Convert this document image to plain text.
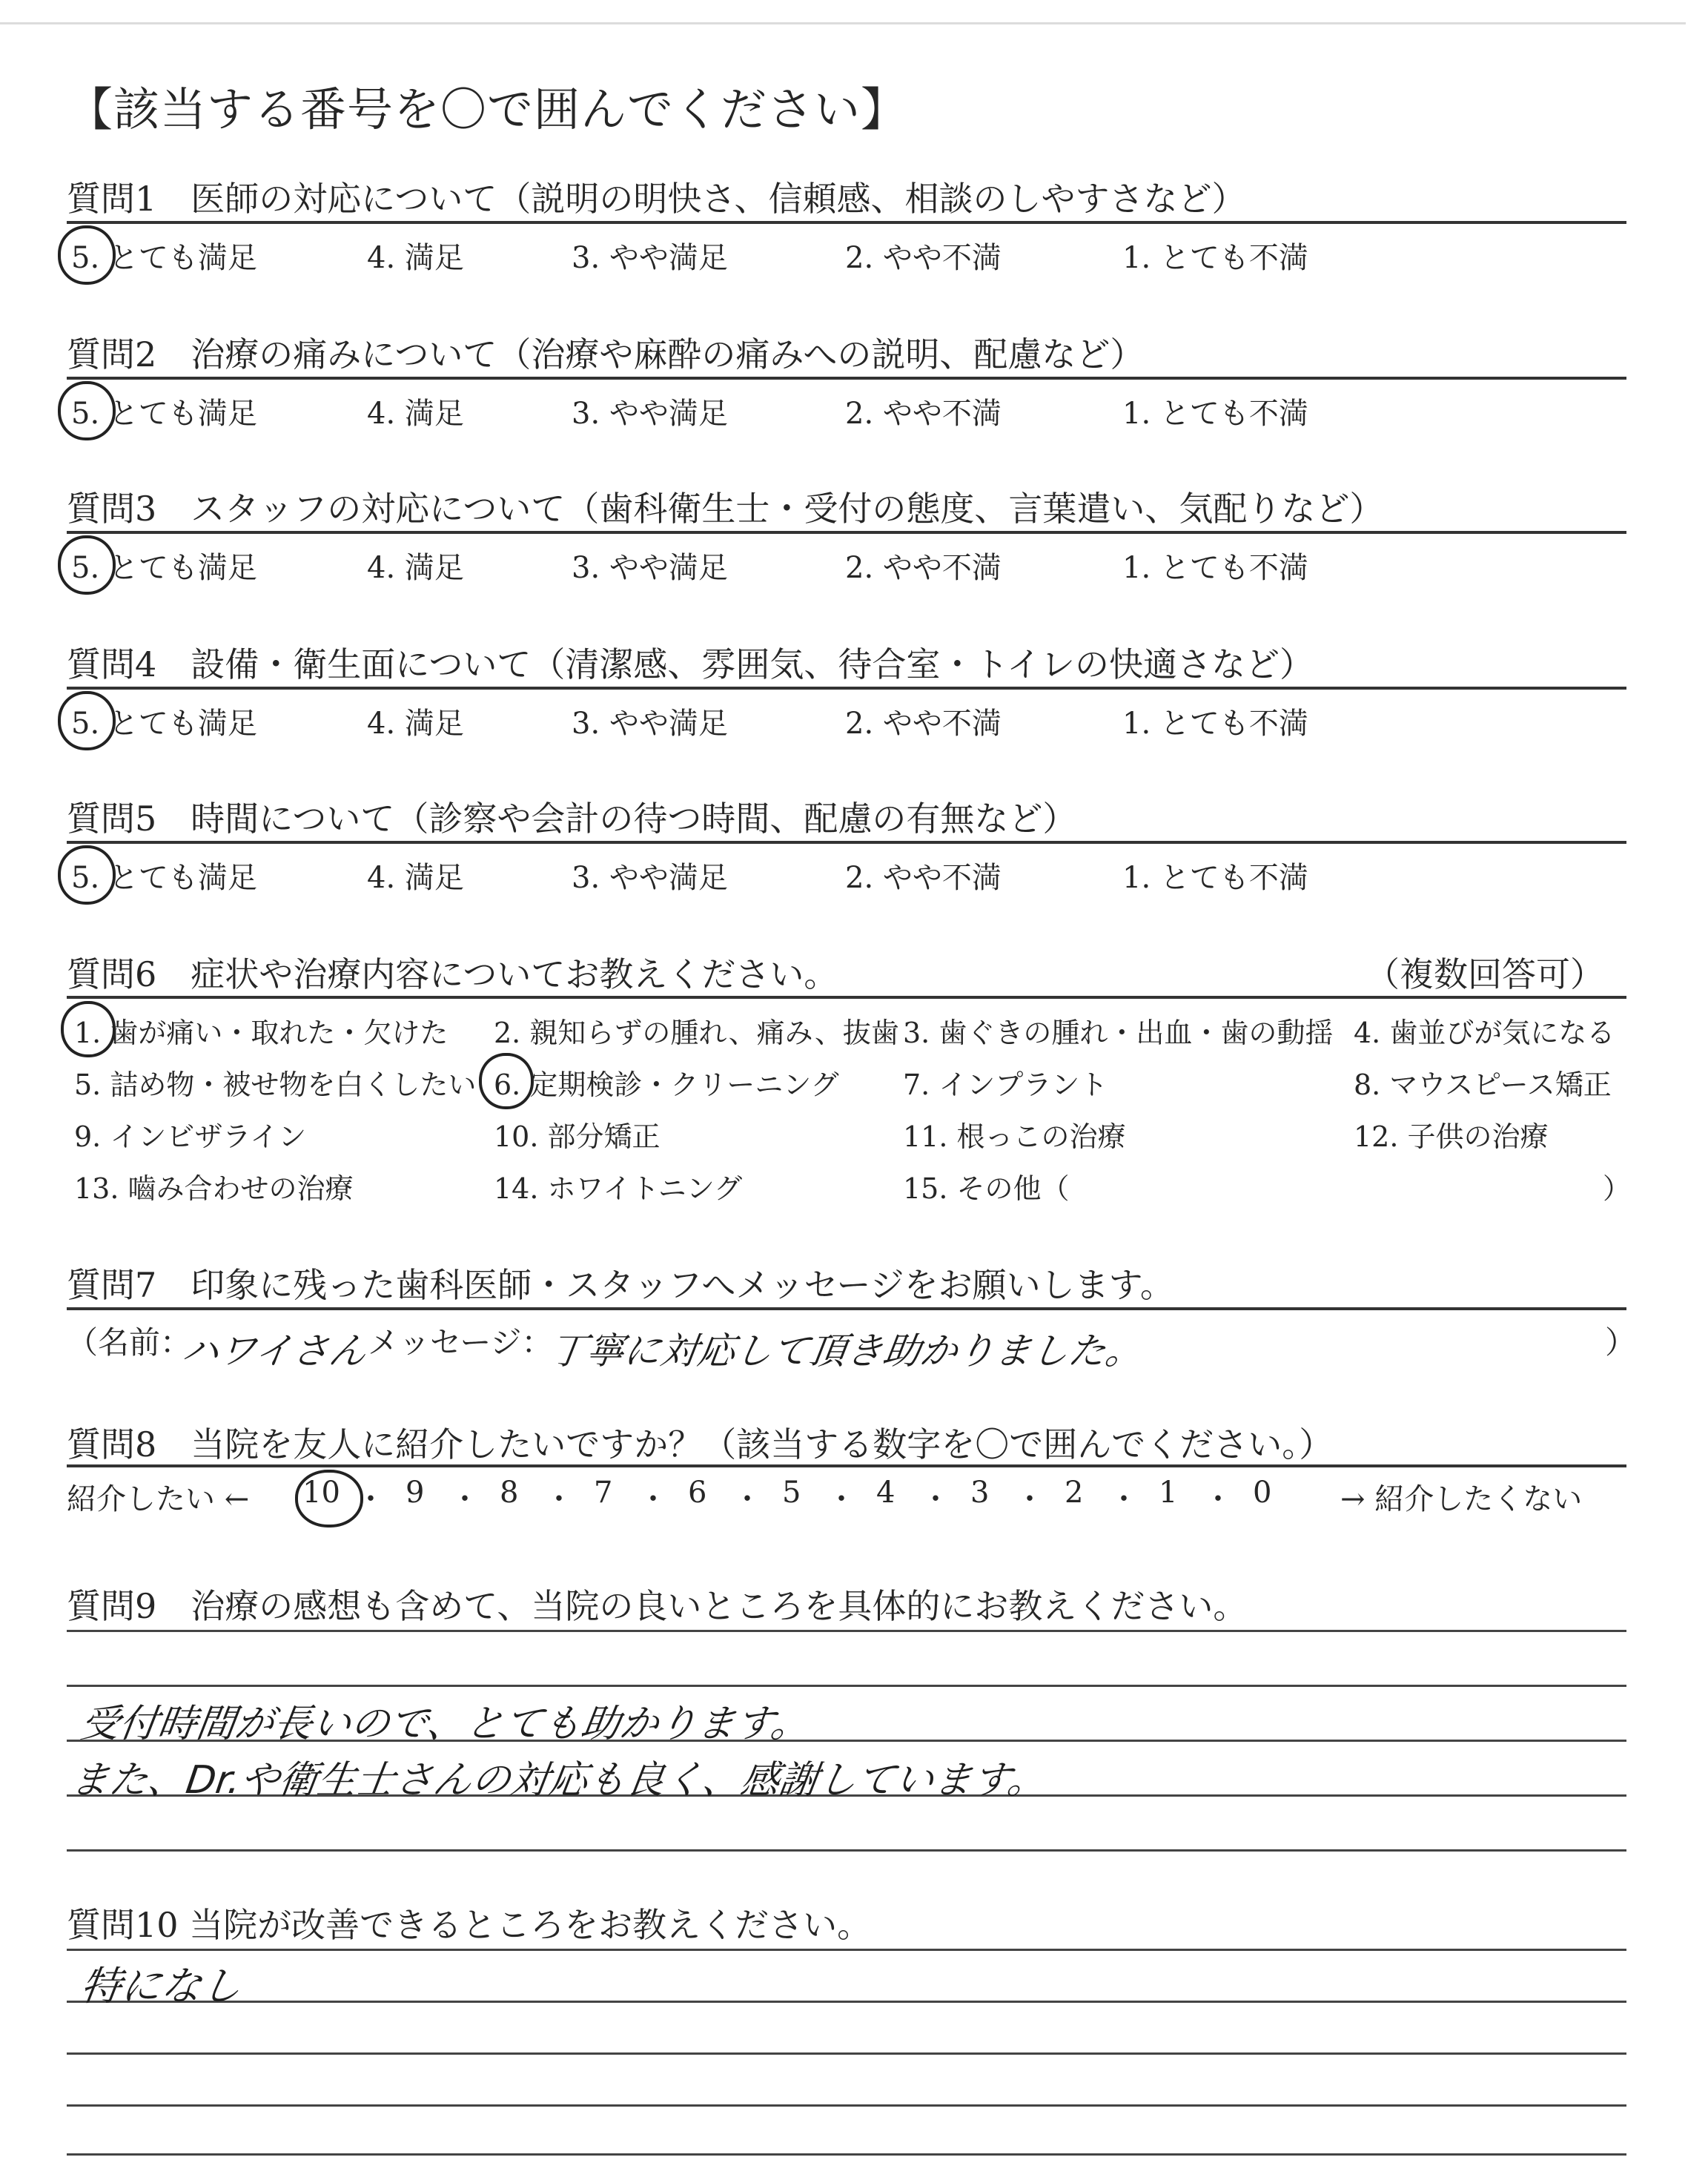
【該当する番号を〇で囲んでください】
質問1　医師の対応について（説明の明快さ、信頼感、相談のしやすさなど）
5. とても満足	4. 満足	3. やや満足	2. やや不満	1. とても不満
質問2　治療の痛みについて（治療や麻酔の痛みへの説明、配慮など）
5. とても満足	4. 満足	3. やや満足	2. やや不満	1. とても不満
質問3　スタッフの対応について（歯科衛生士・受付の態度、言葉遣い、気配りなど）
5. とても満足	4. 満足	3. やや満足	2. やや不満	1. とても不満
質問4　設備・衛生面について（清潔感、雰囲気、待合室・トイレの快適さなど）
5. とても満足	4. 満足	3. やや満足	2. やや不満	1. とても不満
質問5　時間について（診察や会計の待つ時間、配慮の有無など）
5. とても満足	4. 満足	3. やや満足	2. やや不満	1. とても不満
質問6　症状や治療内容についてお教えください。	（複数回答可）
1. 歯が痛い・取れた・欠けた 2. 親知らずの腫れ、痛み、抜歯 3. 歯ぐきの腫れ・出血・歯の動揺 4. 歯並びが気になる
5. 詰め物・被せ物を白くしたい 6. 定期検診・クリーニング 7. インプラント	8. マウスピース矯正
9. インビザライン	10. 部分矯正	11. 根っこの治療	12. 子供の治療
13. 嚙み合わせの治療	14. ホワイトニング	15. その他（	）
質問7　印象に残った歯科医師・スタッフへメッセージをお願いします。
（名前：
ハワイさん
メッセージ：
丁寧に対応して頂き助かりました。	）
質問8　当院を友人に紹介したいですか？（該当する数字を〇で囲んでください。）
紹介したい ←	→ 紹介したくない
10 ・ 9 ・ 8 ・ 7 ・ 6 ・ 5 ・ 4 ・ 3 ・ 2 ・ 1 ・ 0
質問9　治療の感想も含めて、当院の良いところを具体的にお教えください。
受付時間が長いので、とても助かります。
また、Dr.や衛生士さんの対応も良く、感謝しています。
質問10 当院が改善できるところをお教えください。
特になし
